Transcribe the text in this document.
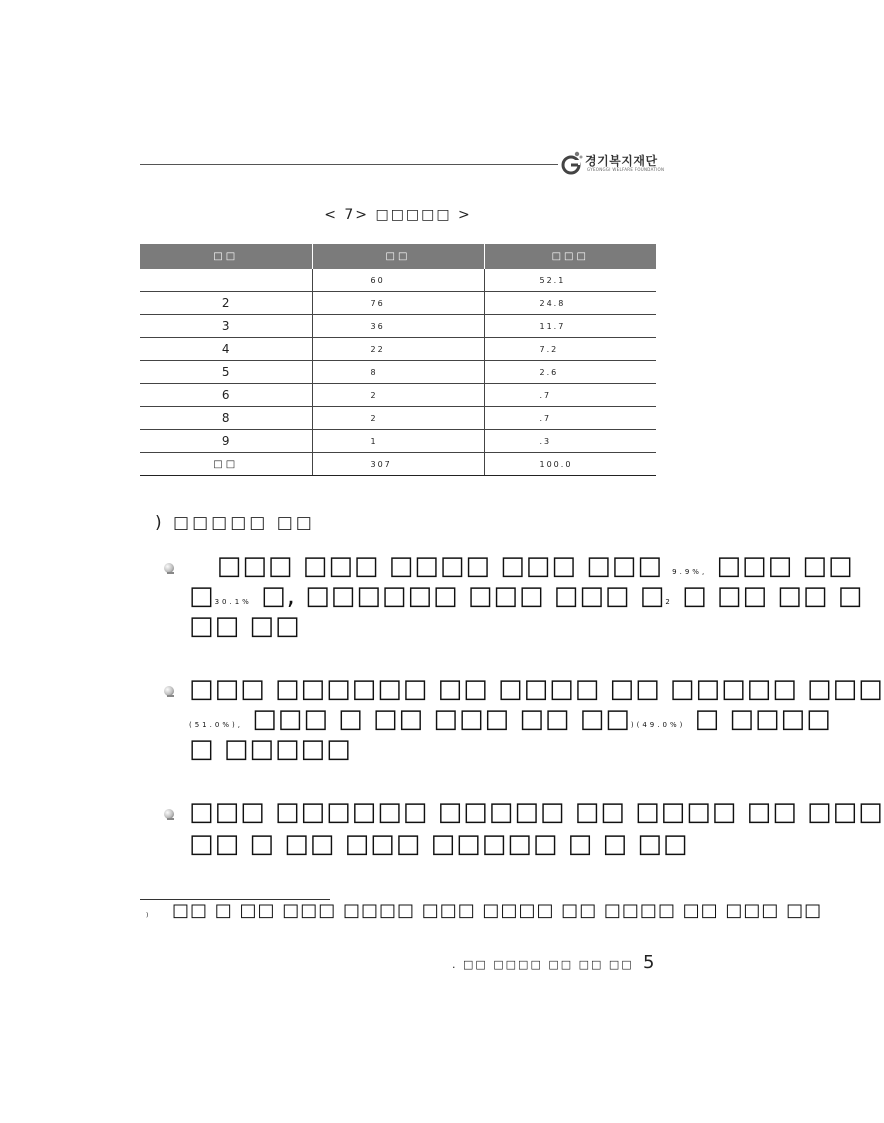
경기복지재단
GYEONGGI WELFARE FOUNDATION
< 7> □□□□□ >
□□	□□	□□□
	60	52.1
2	76	24.8
3	36	11.7
4	22	7.2
5	8	2.6
6	2	.7
8	2	.7
9	1	.3
□□	307	100.0
) □□□□□ □□
□□□ □□□ □□□□ □□□ □□□ 9.9%, □□□ □□
□30.1% □, □□□□□□ □□□ □□□ □2 □ □□ □□ □
□□ □□
□□□ □□□□□□ □□ □□□□ □□ □□□□□ □□□
(51.0%), □□□ □ □□ □□□ □□ □□)(49.0%) □ □□□□
□ □□□□□
□□□ □□□□□□ □□□□□ □□ □□□□ □□ □□□
□□ □ □□ □□□ □□□□□ □ □ □□
) □□ □ □□ □□□ □□□□ □□□ □□□□ □□ □□□□ □□ □□□ □□
. □□ □□□□ □□ □□ □□ 5
